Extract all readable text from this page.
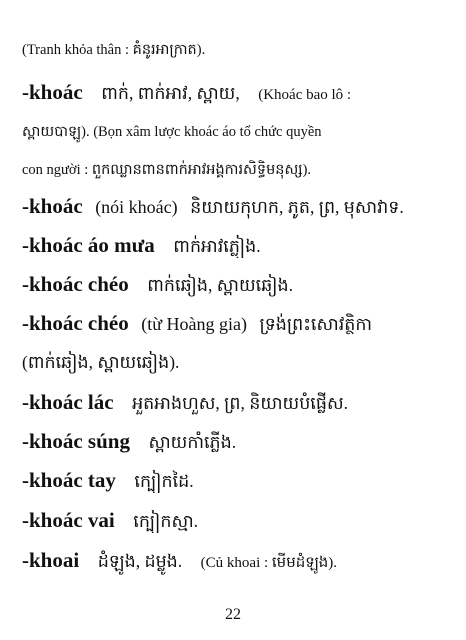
(Tranh khỏa thân : គំនូរអាក្រាត).
-khoác ពាក់, ពាក់អាវ, ស្ពាយ, (Khoác bao lô :
ស្ពាយបាឡូ). (Bọn xâm lược khoác áo tổ chức quyền
con người : ពួកឈ្លានពានពាក់អាវអង្គការសិទ្ធិមនុស្ស).
-khoác (nói khoác) និយាយកុហក, ភូត, ព្រ, មុសាវាទ.
-khoác áo mưa ពាក់អាវភ្លៀង.
-khoác chéo ពាក់ឆៀង, ស្ពាយឆៀង.
-khoác chéo (từ Hoàng gia) ទ្រង់ព្រះសោវត្ថិកា
(ពាក់ឆៀង, ស្ពាយឆៀង).
-khoác lác អួតអាងហួស, ព្រ, និយាយបំផ្លើស.
-khoác súng ស្ពាយកាំភ្លើង.
-khoác tay ក្បៀកដៃ.
-khoác vai ក្បៀកស្មា.
-khoai ដំឡូង, ដម្លូង. (Củ khoai : មើមដំឡូង).
22
